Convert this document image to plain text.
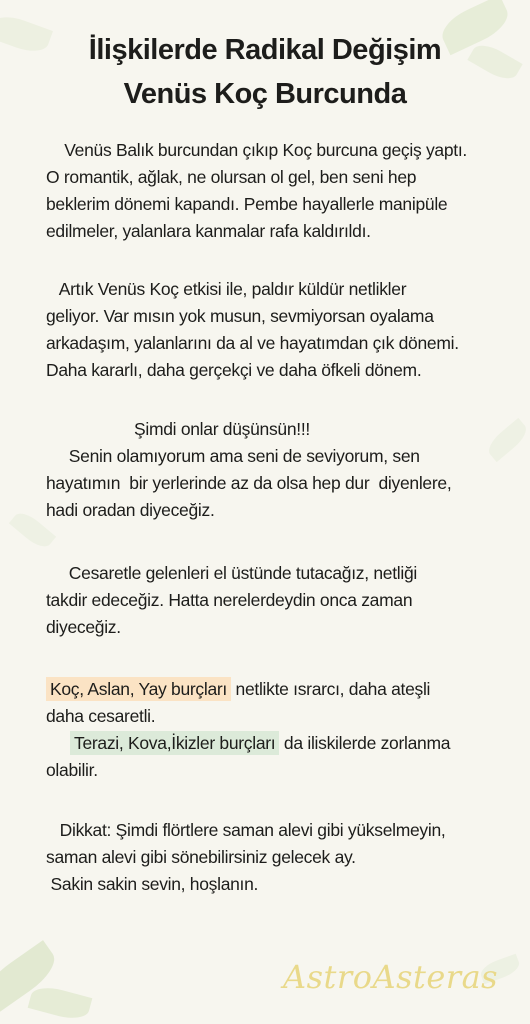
İlişkilerde Radikal Değişim
Venüs Koç Burcunda
Venüs Balık burcundan çıkıp Koç burcuna geçiş yaptı.
O romantik, ağlak, ne olursan ol gel, ben seni hep
beklerim dönemi kapandı. Pembe hayallerle manipüle
edilmeler, yalanlara kanmalar rafa kaldırıldı.
Artık Venüs Koç etkisi ile, paldır küldür netlikler
geliyor. Var mısın yok musun, sevmiyorsan oyalama
arkadaşım, yalanlarını da al ve hayatımdan çık dönemi.
Daha kararlı, daha gerçekçi ve daha öfkeli dönem.
Şimdi onlar düşünsün!!!
Senin olamıyorum ama seni de seviyorum, sen
hayatımın  bir yerlerinde az da olsa hep dur  diyenlere,
hadi oradan diyeceğiz.
Cesaretle gelenleri el üstünde tutacağız, netliği
takdir edeceğiz. Hatta nerelerdeydin onca zaman
diyeceğiz.
Koç, Aslan, Yay burçları netlikte ısrarcı, daha ateşli
daha cesaretli.
Terazi, Kova,İkizler burçları da iliskilerde zorlanma
olabilir.
Dikkat: Şimdi flörtlere saman alevi gibi yükselmeyin,
saman alevi gibi sönebilirsiniz gelecek ay.
Sakin sakin sevin, hoşlanın.
AstroAsteras
